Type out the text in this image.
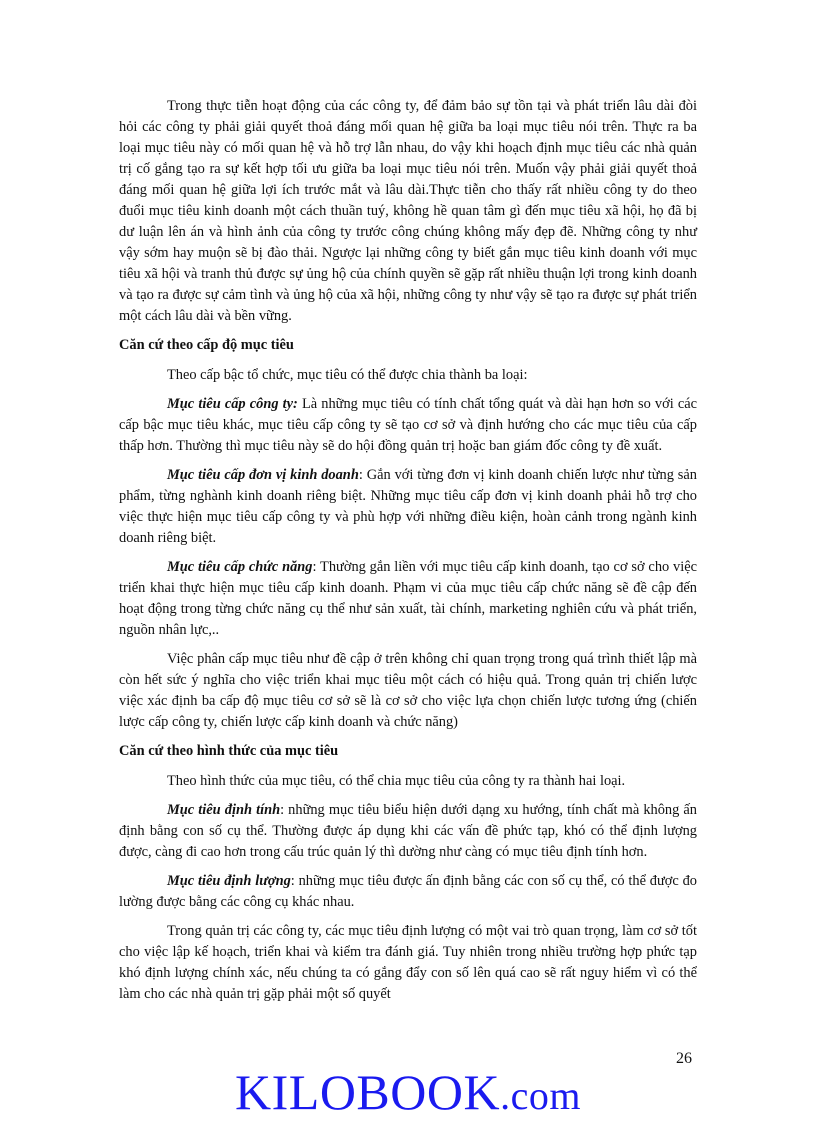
Trong thực tiễn hoạt động của các công ty, để đảm bảo sự tồn tại và phát triển lâu dài đòi hỏi các công ty phải giải quyết thoả đáng mối quan hệ giữa ba loại mục tiêu nói trên. Thực ra ba loại mục tiêu này có mối quan hệ và hỗ trợ lẫn nhau, do vậy khi hoạch định mục tiêu các nhà quản trị cố gắng tạo ra sự kết hợp tối ưu giữa ba loại mục tiêu nói trên. Muốn vậy phải giải quyết thoả đáng mối quan hệ giữa lợi ích trước mắt và lâu dài.Thực tiễn cho thấy rất nhiều công ty do theo đuổi mục tiêu kinh doanh một cách thuần tuý, không hề quan tâm gì đến mục tiêu xã hội, họ đã bị dư luận lên án và hình ảnh của công ty trước công chúng không mấy đẹp đẽ. Những công ty như vậy sớm hay muộn sẽ bị đào thải. Ngược lại những công ty biết gắn mục tiêu kinh doanh với mục tiêu xã hội và tranh thủ được sự ủng hộ của chính quyền sẽ gặp rất nhiều thuận lợi trong kinh doanh và tạo ra được sự cảm tình và ủng hộ của xã hội, những công ty như vậy sẽ tạo ra được sự phát triển một cách lâu dài và bền vững.

Căn cứ theo cấp độ mục tiêu

Theo cấp bậc tổ chức, mục tiêu có thể được chia thành ba loại:

Mục tiêu cấp công ty: Là những mục tiêu có tính chất tổng quát và dài hạn hơn so với các cấp bậc mục tiêu khác, mục tiêu cấp công ty sẽ tạo cơ sở và định hướng cho các mục tiêu của cấp thấp hơn. Thường thì mục tiêu này sẽ do hội đồng quản trị hoặc ban giám đốc công ty đề xuất.

Mục tiêu cấp đơn vị kinh doanh: Gắn với từng đơn vị kinh doanh chiến lược như từng sản phẩm, từng nghành kinh doanh riêng biệt. Những mục tiêu cấp đơn vị kinh doanh phải hỗ trợ cho việc thực hiện mục tiêu cấp công ty và phù hợp với những điều kiện, hoàn cảnh trong ngành kinh doanh riêng biệt.

Mục tiêu cấp chức năng: Thường gắn liền với mục tiêu cấp kinh doanh, tạo cơ sở cho việc triển khai thực hiện mục tiêu cấp kinh doanh. Phạm vi của mục tiêu cấp chức năng sẽ đề cập đến hoạt động trong từng chức năng cụ thể như sản xuất, tài chính, marketing nghiên cứu và phát triển, nguồn nhân lực,..

Việc phân cấp mục tiêu như đề cập ở trên không chỉ quan trọng trong quá trình thiết lập mà còn hết sức ý nghĩa cho việc triển khai mục tiêu một cách có hiệu quả. Trong quản trị chiến lược việc xác định ba cấp độ mục tiêu cơ sở sẽ là cơ sở cho việc lựa chọn chiến lược tương ứng (chiến lược cấp công ty, chiến lược cấp kinh doanh và chức năng)

Căn cứ theo hình thức của mục tiêu

Theo hình thức của mục tiêu, có thể chia mục tiêu của công ty ra thành hai loại.

Mục tiêu định tính: những mục tiêu biểu hiện dưới dạng xu hướng, tính chất mà không ấn định bằng con số cụ thể. Thường được áp dụng khi các vấn đề phức tạp, khó có thể định lượng được, càng đi cao hơn trong cấu trúc quản lý thì dường như càng có mục tiêu định tính hơn.

Mục tiêu định lượng: những mục tiêu được ấn định bằng các con số cụ thể, có thể được đo lường được bằng các công cụ khác nhau.

Trong quản trị các công ty, các mục tiêu định lượng có một vai trò quan trọng, làm cơ sở tốt cho việc lập kế hoạch, triển khai và kiểm tra đánh giá. Tuy nhiên trong nhiều trường hợp phức tạp khó định lượng chính xác, nếu chúng ta có gắng đẩy con số lên quá cao sẽ rất nguy hiểm vì có thể làm cho các nhà quản trị gặp phải một số quyết

26
KILOBOOK.com
